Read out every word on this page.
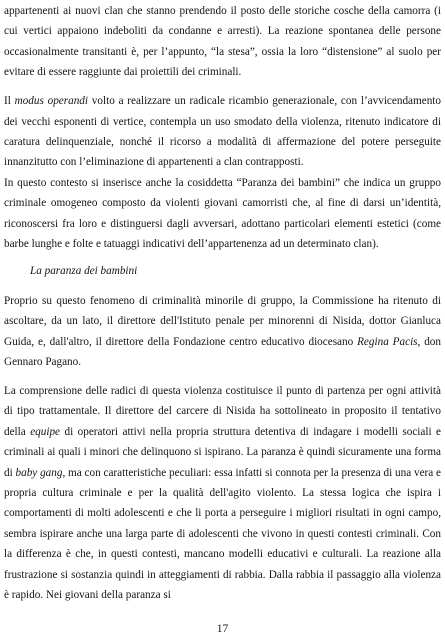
appartenenti ai nuovi clan che stanno prendendo il posto delle storiche cosche della camorra (i cui vertici appaiono indeboliti da condanne e arresti). La reazione spontanea delle persone occasionalmente transitanti è, per l’appunto, “la stesa”, ossia la loro “distensione” al suolo per evitare di essere raggiunte dai proiettili dei criminali.

Il modus operandi volto a realizzare un radicale ricambio generazionale, con l’avvicendamento dei vecchi esponenti di vertice, contempla un uso smodato della violenza, ritenuto indicatore di caratura delinquenziale, nonché il ricorso a modalità di affermazione del potere perseguite innanzitutto con l’eliminazione di appartenenti a clan contrapposti.

In questo contesto si inserisce anche la cosiddetta “Paranza dei bambini” che indica un gruppo criminale omogeneo composto da violenti giovani camorristi che, al fine di darsi un’identità, riconoscersi fra loro e distinguersi dagli avversari, adottano particolari elementi estetici (come barbe lunghe e folte e tatuaggi indicativi dell’appartenenza ad un determinato clan).

La paranza dei bambini

Proprio su questo fenomeno di criminalità minorile di gruppo, la Commissione ha ritenuto di ascoltare, da un lato, il direttore dell'Istituto penale per minorenni di Nisida, dottor Gianluca Guida, e, dall'altro, il direttore della Fondazione centro educativo diocesano Regina Pacis, don Gennaro Pagano.

La comprensione delle radici di questa violenza costituisce il punto di partenza per ogni attività di tipo trattamentale. Il direttore del carcere di Nisida ha sottolineato in proposito il tentativo della equipe di operatori attivi nella propria struttura detentiva di indagare i modelli sociali e criminali ai quali i minori che delinquono si ispirano. La paranza è quindi sicuramente una forma di baby gang, ma con caratteristiche peculiari: essa infatti si connota per la presenza di una vera e propria cultura criminale e per la qualità dell'agito violento. La stessa logica che ispira i comportamenti di molti adolescenti e che li porta a perseguire i migliori risultati in ogni campo, sembra ispirare anche una larga parte di adolescenti che vivono in questi contesti criminali. Con la differenza è che, in questi contesti, mancano modelli educativi e culturali. La reazione alla frustrazione si sostanzia quindi in atteggiamenti di rabbia. Dalla rabbia il passaggio alla violenza è rapido. Nei giovani della paranza si

17
